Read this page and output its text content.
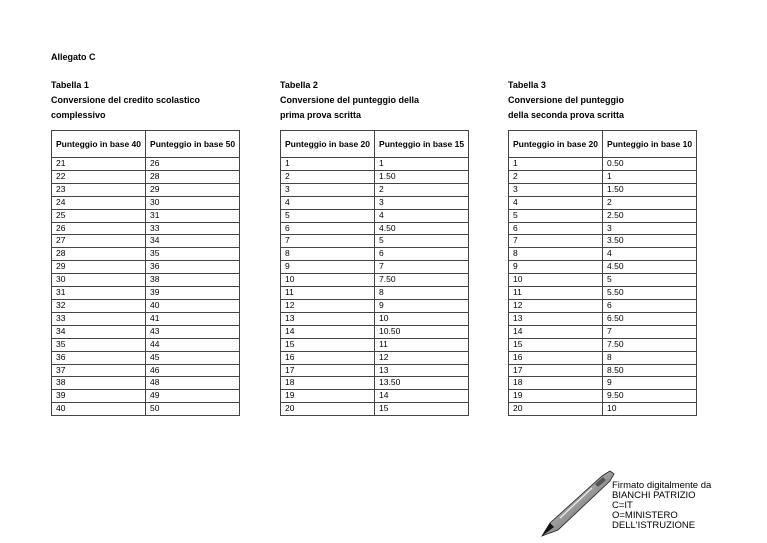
Allegato C
Tabella 1
Conversione del credito scolastico complessivo
Punteggio in base 40	Punteggio in base 50
21	26
22	28
23	29
24	30
25	31
26	33
27	34
28	35
29	36
30	38
31	39
32	40
33	41
34	43
35	44
36	45
37	46
38	48
39	49
40	50
Tabella 2
Conversione del punteggio della prima prova scritta
Punteggio in base 20	Punteggio in base 15
1	1
2	1.50
3	2
4	3
5	4
6	4.50
7	5
8	6
9	7
10	7.50
11	8
12	9
13	10
14	10.50
15	11
16	12
17	13
18	13.50
19	14
20	15
Tabella 3
Conversione del punteggio della seconda prova scritta
Punteggio in base 20	Punteggio in base 10
1	0.50
2	1
3	1.50
4	2
5	2.50
6	3
7	3.50
8	4
9	4.50
10	5
11	5.50
12	6
13	6.50
14	7
15	7.50
16	8
17	8.50
18	9
19	9.50
20	10
Firmato digitalmente da
BIANCHI PATRIZIO
C=IT
O=MINISTERO
DELL'ISTRUZIONE
